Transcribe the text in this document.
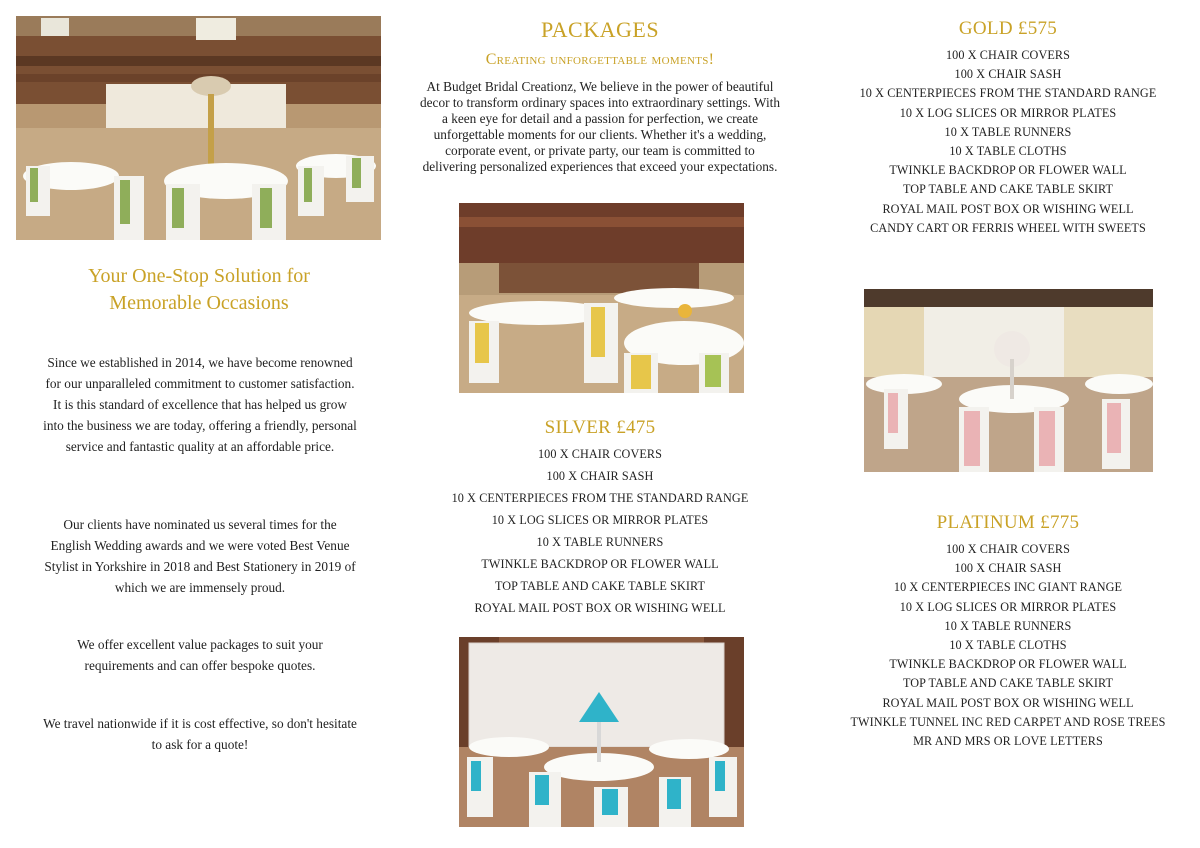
Your One-Stop Solution for
Memorable Occasions
Since we established in 2014, we have become renowned for our unparalleled commitment to customer satisfaction. It is this standard of excellence that has helped us grow into the business we are today, offering a friendly, personal service and fantastic quality at an affordable price.
Our clients have nominated us several times for the English Wedding awards and we were voted Best Venue Stylist in Yorkshire in 2018 and Best Stationery in 2019 of which we are immensely proud.
We offer excellent value packages to suit your requirements and can offer bespoke quotes.
We travel nationwide if it is cost effective, so don't hesitate to ask for a quote!
PACKAGES
Creating unforgettable moments!
At Budget Bridal Creationz, We believe in the power of beautiful decor to transform ordinary spaces into extraordinary settings. With a keen eye for detail and a passion for perfection, we create unforgettable moments for our clients. Whether it's a wedding, corporate event, or private party, our team is committed to delivering personalized experiences that exceed your expectations.
SILVER £475
100 X CHAIR COVERS
100 X CHAIR SASH
10 X CENTERPIECES FROM THE STANDARD RANGE
10 X LOG SLICES OR MIRROR PLATES
10 X TABLE RUNNERS
TWINKLE BACKDROP OR FLOWER WALL
TOP TABLE AND CAKE TABLE SKIRT
ROYAL MAIL POST BOX OR WISHING WELL
GOLD £575
100 X CHAIR COVERS
100 X CHAIR SASH
10 X CENTERPIECES FROM THE STANDARD RANGE
10 X LOG SLICES OR MIRROR PLATES
10 X TABLE RUNNERS
10 X TABLE CLOTHS
TWINKLE BACKDROP OR FLOWER WALL
TOP TABLE AND CAKE TABLE SKIRT
ROYAL MAIL POST BOX OR WISHING WELL
CANDY CART OR FERRIS WHEEL WITH SWEETS
PLATINUM £775
100 X CHAIR COVERS
100 X CHAIR SASH
10 X CENTERPIECES INC GIANT RANGE
10 X LOG SLICES OR MIRROR PLATES
10 X TABLE RUNNERS
10 X TABLE CLOTHS
TWINKLE BACKDROP OR FLOWER WALL
TOP TABLE AND CAKE TABLE SKIRT
ROYAL MAIL POST BOX OR WISHING WELL
TWINKLE TUNNEL INC RED CARPET AND ROSE TREES
MR AND MRS OR LOVE LETTERS
